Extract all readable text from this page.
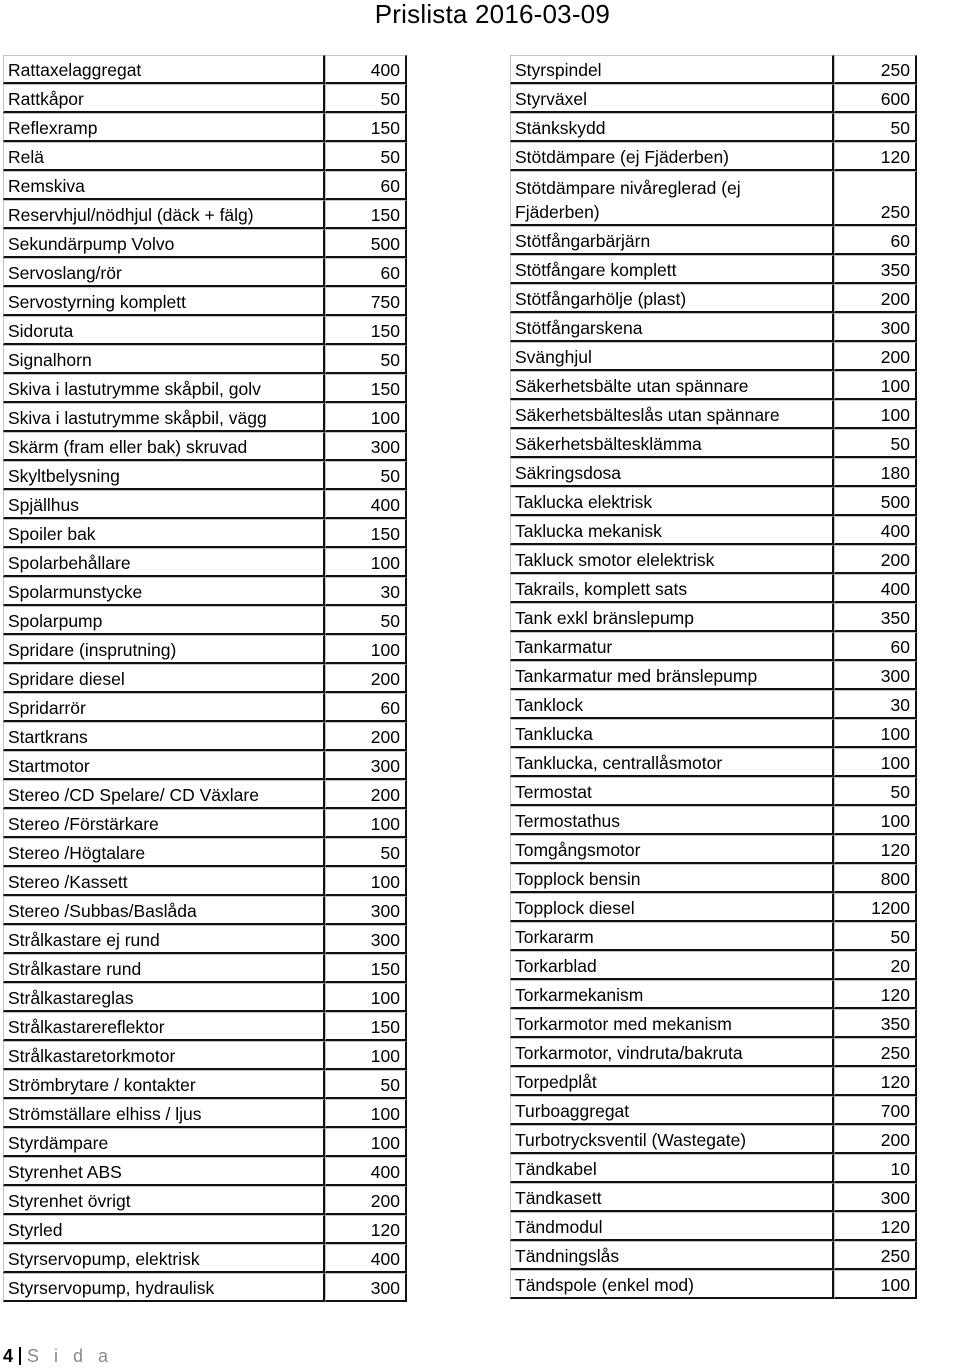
Prislista 2016-03-09
Rattaxelaggregat	400
Rattkåpor	50
Reflexramp	150
Relä	50
Remskiva	60
Reservhjul/nödhjul (däck + fälg)	150
Sekundärpump Volvo	500
Servoslang/rör	60
Servostyrning komplett	750
Sidoruta	150
Signalhorn	50
Skiva i lastutrymme skåpbil, golv	150
Skiva i lastutrymme skåpbil, vägg	100
Skärm (fram eller bak) skruvad	300
Skyltbelysning	50
Spjällhus	400
Spoiler bak	150
Spolarbehållare	100
Spolarmunstycke	30
Spolarpump	50
Spridare (insprutning)	100
Spridare diesel	200
Spridarrör	60
Startkrans	200
Startmotor	300
Stereo /CD Spelare/ CD Växlare	200
Stereo /Förstärkare	100
Stereo /Högtalare	50
Stereo /Kassett	100
Stereo /Subbas/Baslåda	300
Strålkastare ej rund	300
Strålkastare rund	150
Strålkastareglas	100
Strålkastarereflektor	150
Strålkastaretorkmotor	100
Strömbrytare / kontakter	50
Strömställare elhiss / ljus	100
Styrdämpare	100
Styrenhet ABS	400
Styrenhet övrigt	200
Styrled	120
Styrservopump, elektrisk	400
Styrservopump, hydraulisk	300
Styrspindel	250
Styrväxel	600
Stänkskydd	50
Stötdämpare (ej Fjäderben)	120
Stötdämpare nivåreglerad (ej Fjäderben)	250
Stötfångarbärjärn	60
Stötfångare komplett	350
Stötfångarhölje (plast)	200
Stötfångarskena	300
Svänghjul	200
Säkerhetsbälte utan spännare	100
Säkerhetsbälteslås utan spännare	100
Säkerhetsbältesklämma	50
Säkringsdosa	180
Taklucka elektrisk	500
Taklucka mekanisk	400
Takluck smotor elelektrisk	200
Takrails, komplett sats	400
Tank exkl bränslepump	350
Tankarmatur	60
Tankarmatur med bränslepump	300
Tanklock	30
Tanklucka	100
Tanklucka, centrallåsmotor	100
Termostat	50
Termostathus	100
Tomgångsmotor	120
Topplock bensin	800
Topplock diesel	1200
Torkararm	50
Torkarblad	20
Torkarmekanism	120
Torkarmotor med mekanism	350
Torkarmotor, vindruta/bakruta	250
Torpedplåt	120
Turboaggregat	700
Turbotrycksventil (Wastegate)	200
Tändkabel	10
Tändkasett	300
Tändmodul	120
Tändningslås	250
Tändspole (enkel mod)	100
4 S i d a
